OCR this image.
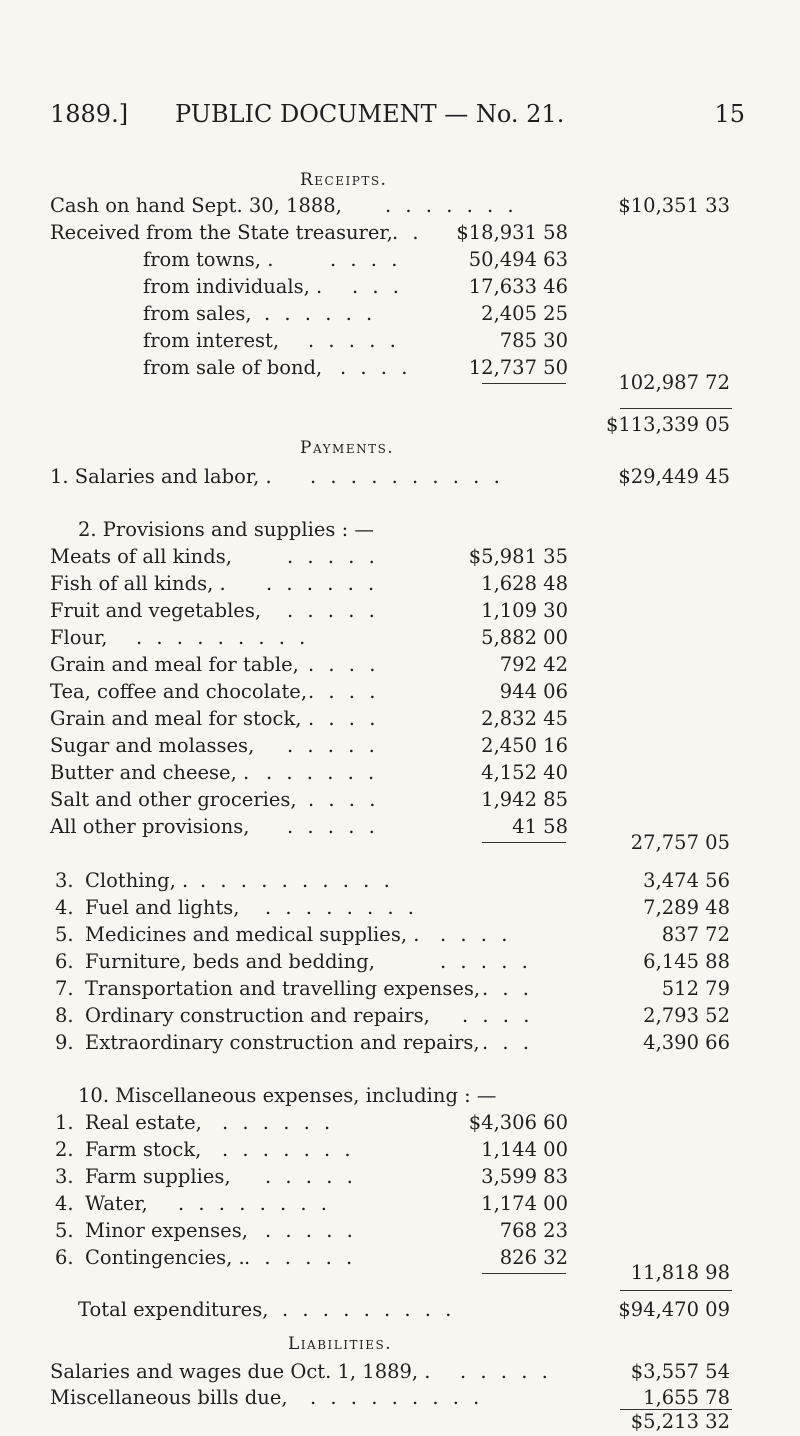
1889.] PUBLIC DOCUMENT — No. 21.	15
Receipts.
Cash on hand Sept. 30, 1888, . . . . . . .	$10,351 33
Received from the State treasurer, . . $18,931 58
from towns, .	. . . .	50,494 63
from individuals, . . . .	17,633 46
from sales, . . . . . .	2,405 25
from interest, . . . . .	785 30
from sale of bond, . . . .	12,737 50
102,987 72
$113,339 05
Payments.
1. Salaries and labor, . . . . . . . . . . .	$29,449 45
2. Provisions and supplies : —
Meats of all kinds,	. . . . .	$5,981 35
Fish of all kinds, . . . . . . .	1,628 48
Fruit and vegetables, . . . . .	1,109 30
Flour, . . . . . . . . .	5,882 00
Grain and meal for table, . . . .	792 42
Tea, coffee and chocolate, . . . .	944 06
Grain and meal for stock, . . . .	2,832 45
Sugar and molasses, . . . . .	2,450 16
Butter and cheese, . . . . . . .	4,152 40
Salt and other groceries, . . . .	1,942 85
All other provisions, . . . . .	41 58
27,757 05
3. Clothing, . . . . . . . . . . .	3,474 56
4. Fuel and lights, . . . . . . . .	7,289 48
5. Medicines and medical supplies, . . . . .	837 72
6. Furniture, beds and bedding,	. . . . .	6,145 88
7. Transportation and travelling expenses, . . .	512 79
8. Ordinary construction and repairs, . . . .	2,793 52
9. Extraordinary construction and repairs, . . .	4,390 66
10. Miscellaneous expenses, including : —
1. Real estate, . . . . . .	$4,306 60
2. Farm stock, . . . . . . .	1,144 00
3. Farm supplies, . . . . .	3,599 83
4. Water, . . . . . . . .	1,174 00
5. Minor expenses, . . . . .	768 23
6. Contingencies, . . . . . . .	826 32
11,818 98
Total expenditures, . . . . . . . . .	$94,470 09
Liabilities.
Salaries and wages due Oct. 1, 1889, . . . . . .	$3,557 54
Miscellaneous bills due, . . . . . . . . .	1,655 78
$5,213 32
